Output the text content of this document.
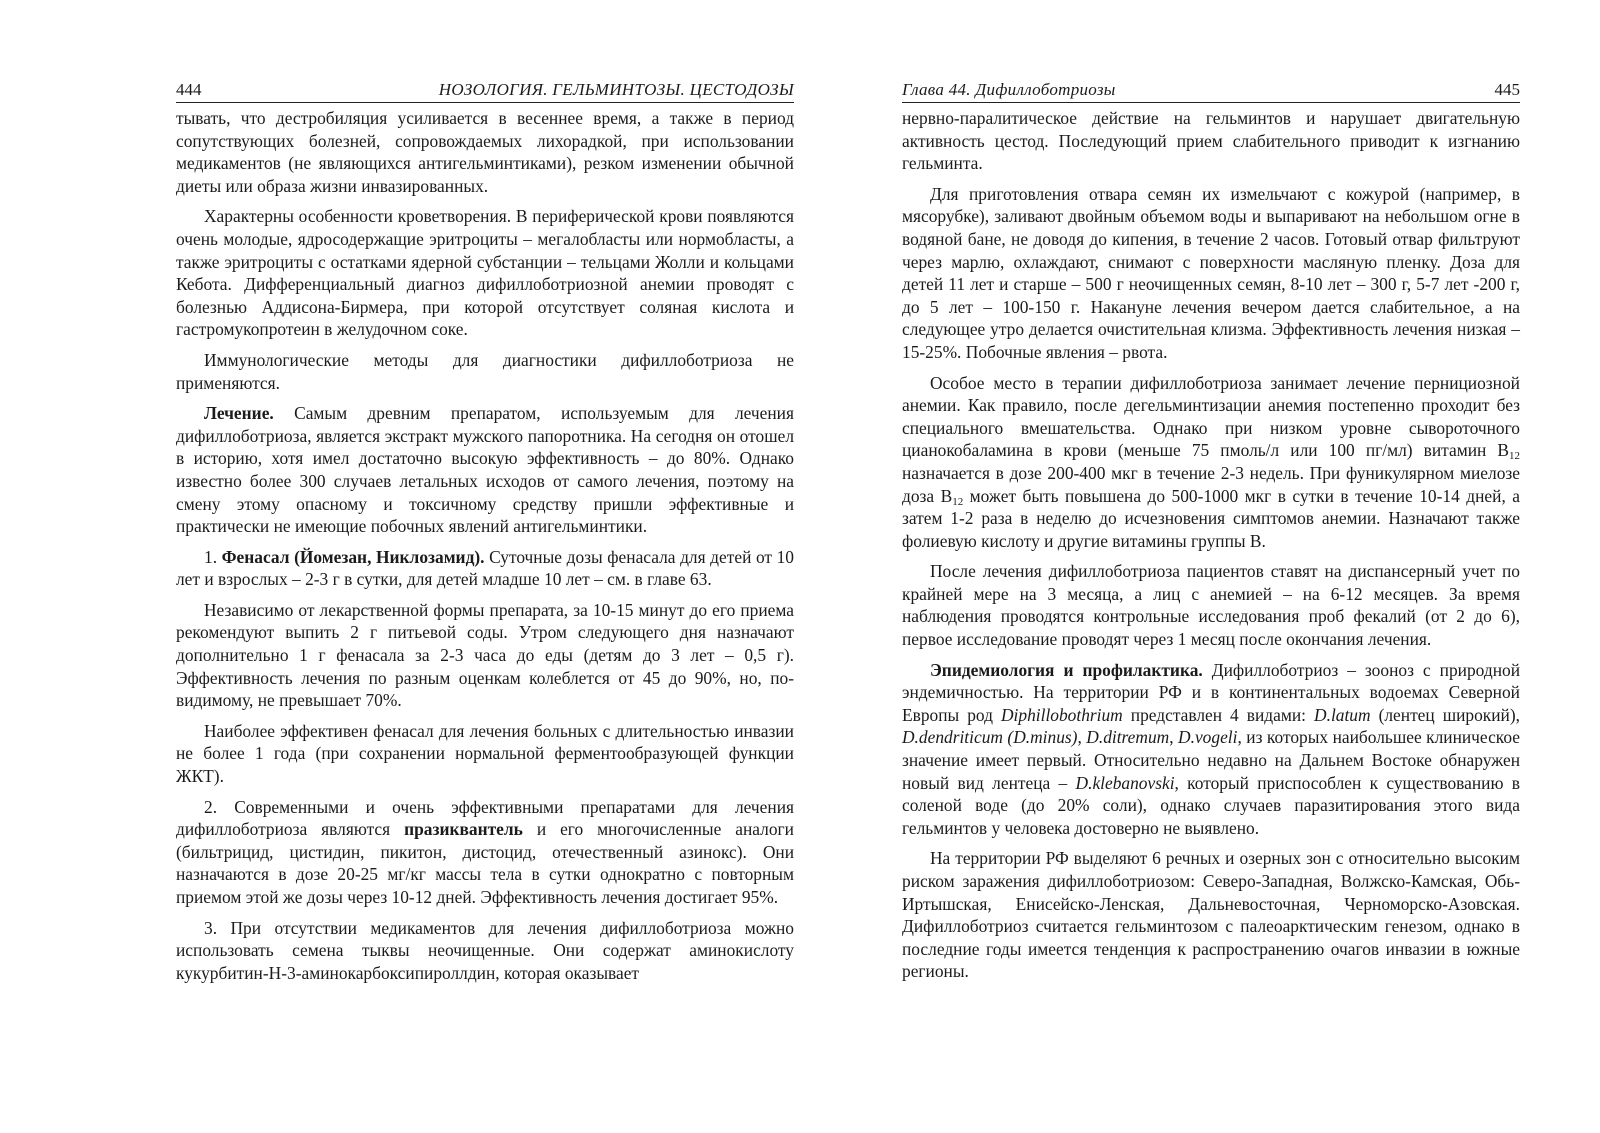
444	НОЗОЛОГИЯ. ГЕЛЬМИНТОЗЫ. ЦЕСТОДОЗЫ

тывать, что дестробиляция усиливается в весеннее время, а также в период сопутствующих болезней, сопровождаемых лихорадкой, при использовании медикаментов (не являющихся антигельминтиками), резком изменении обычной диеты или образа жизни инвазированных.

Характерны особенности кроветворения. В периферической крови появляются очень молодые, ядросодержащие эритроциты – мегалобласты или нормобласты, а также эритроциты с остатками ядерной субстанции – тельцами Жолли и кольцами Кебота. Дифференциальный диагноз дифиллоботриозной анемии проводят с болезнью Аддисона-Бирмера, при которой отсутствует соляная кислота и гастромукопротеин в желудочном соке.

Иммунологические методы для диагностики дифиллоботриоза не применяются.

Лечение. Самым древним препаратом, используемым для лечения дифиллоботриоза, является экстракт мужского папоротника. На сегодня он отошел в историю, хотя имел достаточно высокую эффективность – до 80%. Однако известно более 300 случаев летальных исходов от самого лечения, поэтому на смену этому опасному и токсичному средству пришли эффективные и практически не имеющие побочных явлений антигельминтики.

1. Фенасал (Йомезан, Никлозамид). Суточные дозы фенасала для детей от 10 лет и взрослых – 2-3 г в сутки, для детей младше 10 лет – см. в главе 63.

Независимо от лекарственной формы препарата, за 10-15 минут до его приема рекомендуют выпить 2 г питьевой соды. Утром следующего дня назначают дополнительно 1 г фенасала за 2-3 часа до еды (детям до 3 лет – 0,5 г). Эффективность лечения по разным оценкам колеблется от 45 до 90%, но, по-видимому, не превышает 70%.

Наиболее эффективен фенасал для лечения больных с длительностью инвазии не более 1 года (при сохранении нормальной ферментообразующей функции ЖКТ).

2. Современными и очень эффективными препаратами для лечения дифиллоботриоза являются празиквантель и его многочисленные аналоги (бильтрицид, цистидин, пикитон, дистоцид, отечественный азинокс). Они назначаются в дозе 20-25 мг/кг массы тела в сутки однократно с повторным приемом этой же дозы через 10-12 дней. Эффективность лечения достигает 95%.

3. При отсутствии медикаментов для лечения дифиллоботриоза можно использовать семена тыквы неочищенные. Они содержат аминокислоту кукурбитин-Н-3-аминокарбоксипироллдин, которая оказывает

Глава 44. Дифиллоботриозы	445

нервно-паралитическое действие на гельминтов и нарушает двигательную активность цестод. Последующий прием слабительного приводит к изгнанию гельминта.

Для приготовления отвара семян их измельчают с кожурой (например, в мясорубке), заливают двойным объемом воды и выпаривают на небольшом огне в водяной бане, не доводя до кипения, в течение 2 часов. Готовый отвар фильтруют через марлю, охлаждают, снимают с поверхности масляную пленку. Доза для детей 11 лет и старше – 500 г неочищенных семян, 8-10 лет – 300 г, 5-7 лет -200 г, до 5 лет – 100-150 г. Накануне лечения вечером дается слабительное, а на следующее утро делается очистительная клизма. Эффективность лечения низкая – 15-25%. Побочные явления – рвота.

Особое место в терапии дифиллоботриоза занимает лечение пернициозной анемии. Как правило, после дегельминтизации анемия постепенно проходит без специального вмешательства. Однако при низком уровне сывороточного цианокобаламина в крови (меньше 75 пмоль/л или 100 пг/мл) витамин $B_{12}$ назначается в дозе 200-400 мкг в течение 2-3 недель. При фуникулярном миелозе доза $B_{12}$ может быть повышена до 500-1000 мкг в сутки в течение 10-14 дней, а затем 1-2 раза в неделю до исчезновения симптомов анемии. Назначают также фолиевую кислоту и другие витамины группы В.

После лечения дифиллоботриоза пациентов ставят на диспансерный учет по крайней мере на 3 месяца, а лиц с анемией – на 6-12 месяцев. За время наблюдения проводятся контрольные исследования проб фекалий (от 2 до 6), первое исследование проводят через 1 месяц после окончания лечения.

Эпидемиология и профилактика. Дифиллоботриоз – зооноз с природной эндемичностью. На территории РФ и в континентальных водоемах Северной Европы род Diphillobothrium представлен 4 видами: D.latum (лентец широкий), D.dendriticum (D.minus), D.ditremum, D.vogeli, из которых наибольшее клиническое значение имеет первый. Относительно недавно на Дальнем Востоке обнаружен новый вид лентеца – D.klebanovski, который приспособлен к существованию в соленой воде (до 20% соли), однако случаев паразитирования этого вида гельминтов у человека достоверно не выявлено.

На территории РФ выделяют 6 речных и озерных зон с относительно высоким риском заражения дифиллоботриозом: Северо-Западная, Волжско-Камская, Обь-Иртышская, Енисейско-Ленская, Дальневосточная, Черноморско-Азовская. Дифиллоботриоз считается гельминтозом с палеоарктическим генезом, однако в последние годы имеется тенденция к распространению очагов инвазии в южные регионы.
